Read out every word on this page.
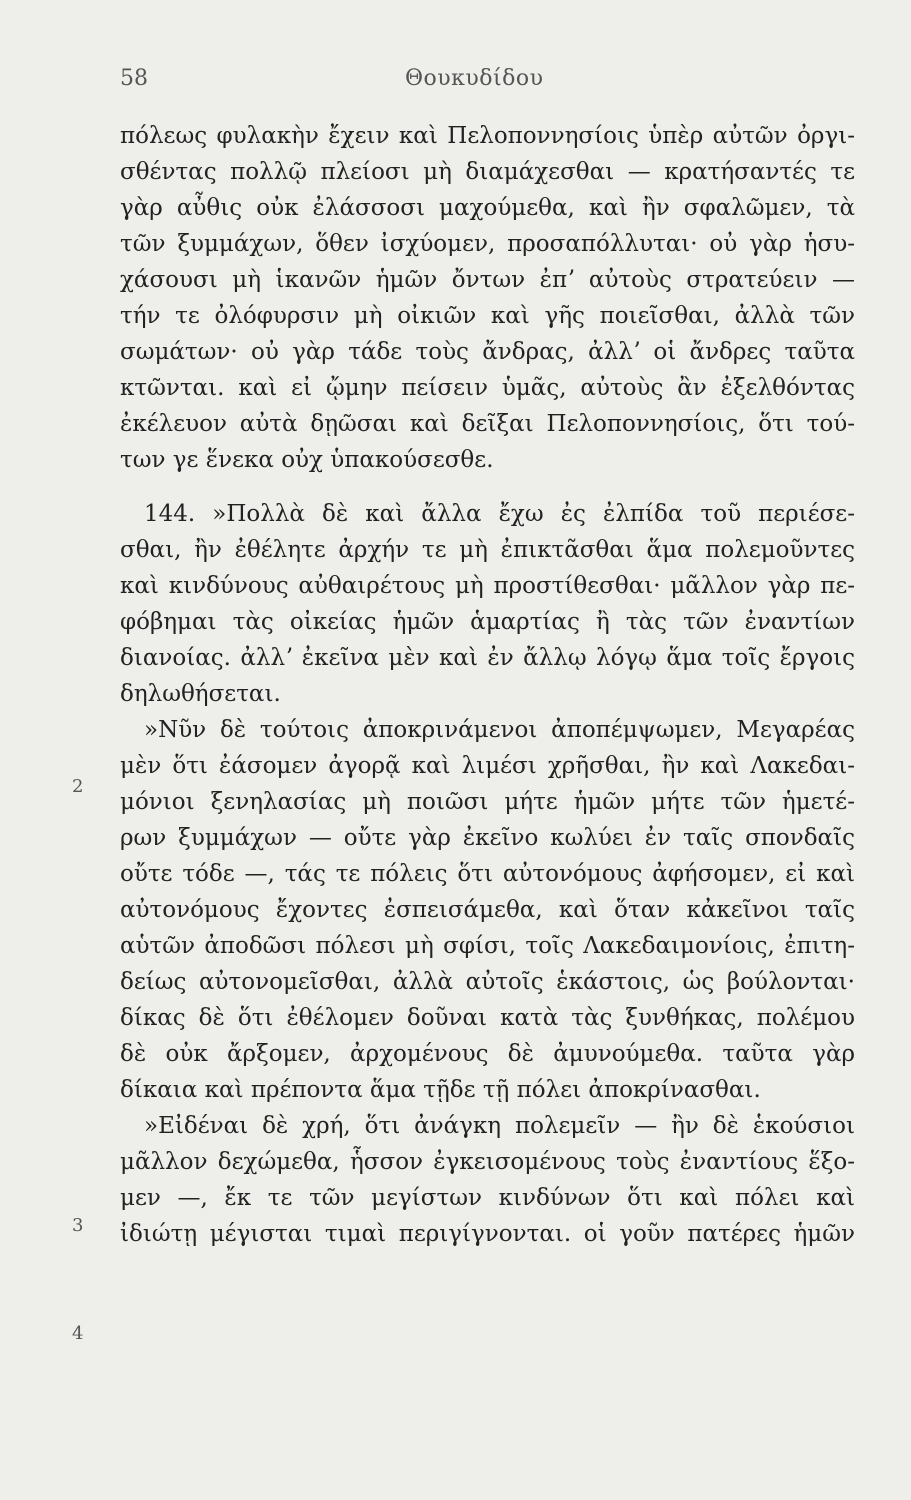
58	Θουκυδίδου
πόλεως φυλακὴν ἔχειν καὶ Πελοποννησίοις ὑπὲρ αὐτῶν ὀργι-
σθέντας πολλῷ πλείοσι μὴ διαμάχεσθαι — κρατήσαντές τε
γὰρ αὖθις οὐκ ἐλάσσοσι μαχούμεθα, καὶ ἢν σφαλῶμεν, τὰ
τῶν ξυμμάχων, ὅθεν ἰσχύομεν, προσαπόλλυται· οὐ γὰρ ἡσυ-
χάσουσι μὴ ἱκανῶν ἡμῶν ὄντων ἐπʼ αὐτοὺς στρατεύειν —
τήν τε ὀλόφυρσιν μὴ οἰκιῶν καὶ γῆς ποιεῖσθαι, ἀλλὰ τῶν
σωμάτων· οὐ γὰρ τάδε τοὺς ἄνδρας, ἀλλʼ οἱ ἄνδρες ταῦτα
κτῶνται. καὶ εἰ ᾤμην πείσειν ὑμᾶς, αὐτοὺς ἂν ἐξελθόντας
ἐκέλευον αὐτὰ δῃῶσαι καὶ δεῖξαι Πελοποννησίοις, ὅτι τού-
των γε ἕνεκα οὐχ ὑπακούσεσθε.
144. »Πολλὰ δὲ καὶ ἄλλα ἔχω ἐς ἐλπίδα τοῦ περιέσε-
σθαι, ἢν ἐθέλητε ἀρχήν τε μὴ ἐπικτᾶσθαι ἅμα πολεμοῦντες
καὶ κινδύνους αὐθαιρέτους μὴ προστίθεσθαι· μᾶλλον γὰρ πε-
φόβημαι τὰς οἰκείας ἡμῶν ἁμαρτίας ἢ τὰς τῶν ἐναντίων
διανοίας. ἀλλʼ ἐκεῖνα μὲν καὶ ἐν ἄλλῳ λόγῳ ἅμα τοῖς ἔργοις
δηλωθήσεται.
»Νῦν δὲ τούτοις ἀποκρινάμενοι ἀποπέμψωμεν, Μεγαρέας
μὲν ὅτι ἐάσομεν ἀγορᾷ καὶ λιμέσι χρῆσθαι, ἢν καὶ Λακεδαι-
μόνιοι ξενηλασίας μὴ ποιῶσι μήτε ἡμῶν μήτε τῶν ἡμετέ-
ρων ξυμμάχων — οὔτε γὰρ ἐκεῖνο κωλύει ἐν ταῖς σπονδαῖς
οὔτε τόδε —, τάς τε πόλεις ὅτι αὐτονόμους ἀφήσομεν, εἰ καὶ
αὐτονόμους ἔχοντες ἐσπεισάμεθα, καὶ ὅταν κἀκεῖνοι ταῖς
αὑτῶν ἀποδῶσι πόλεσι μὴ σφίσι, τοῖς Λακεδαιμονίοις, ἐπιτη-
δείως αὐτονομεῖσθαι, ἀλλὰ αὐτοῖς ἑκάστοις, ὡς βούλονται·
δίκας δὲ ὅτι ἐθέλομεν δοῦναι κατὰ τὰς ξυνθήκας, πολέμου
δὲ οὐκ ἄρξομεν, ἀρχομένους δὲ ἀμυνούμεθα. ταῦτα γὰρ
δίκαια καὶ πρέποντα ἅμα τῇδε τῇ πόλει ἀποκρίνασθαι.
»Εἰδέναι δὲ χρή, ὅτι ἀνάγκη πολεμεῖν — ἢν δὲ ἑκούσιοι
μᾶλλον δεχώμεθα, ἧσσον ἐγκεισομένους τοὺς ἐναντίους ἕξο-
μεν —, ἔκ τε τῶν μεγίστων κινδύνων ὅτι καὶ πόλει καὶ
ἰδιώτῃ μέγισται τιμαὶ περιγίγνονται. οἱ γοῦν πατέρες ἡμῶν
2
3
4
